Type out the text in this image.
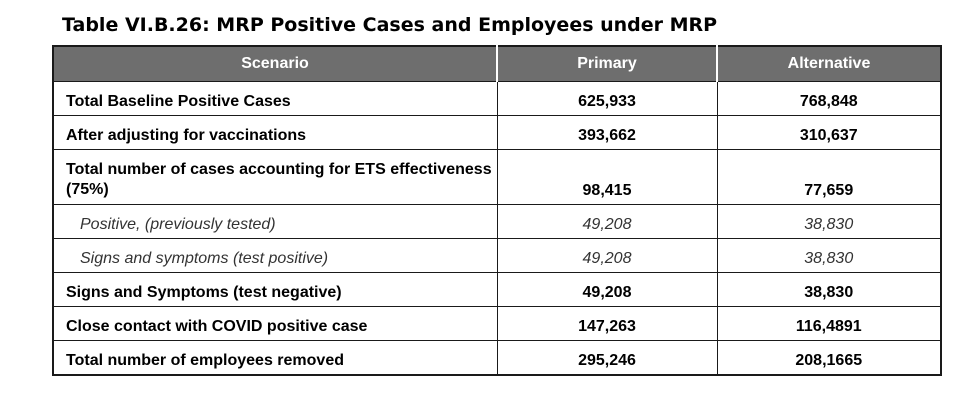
Table VI.B.26: MRP Positive Cases and Employees under MRP
Scenario	Primary	Alternative
Total Baseline Positive Cases	625,933	768,848
After adjusting for vaccinations	393,662	310,637
Total number of cases accounting for ETS effectiveness (75%)	98,415	77,659
Positive, (previously tested)	49,208	38,830
Signs and symptoms (test positive)	49,208	38,830
Signs and Symptoms (test negative)	49,208	38,830
Close contact with COVID positive case	147,263	116,4891
Total number of employees removed	295,246	208,1665
